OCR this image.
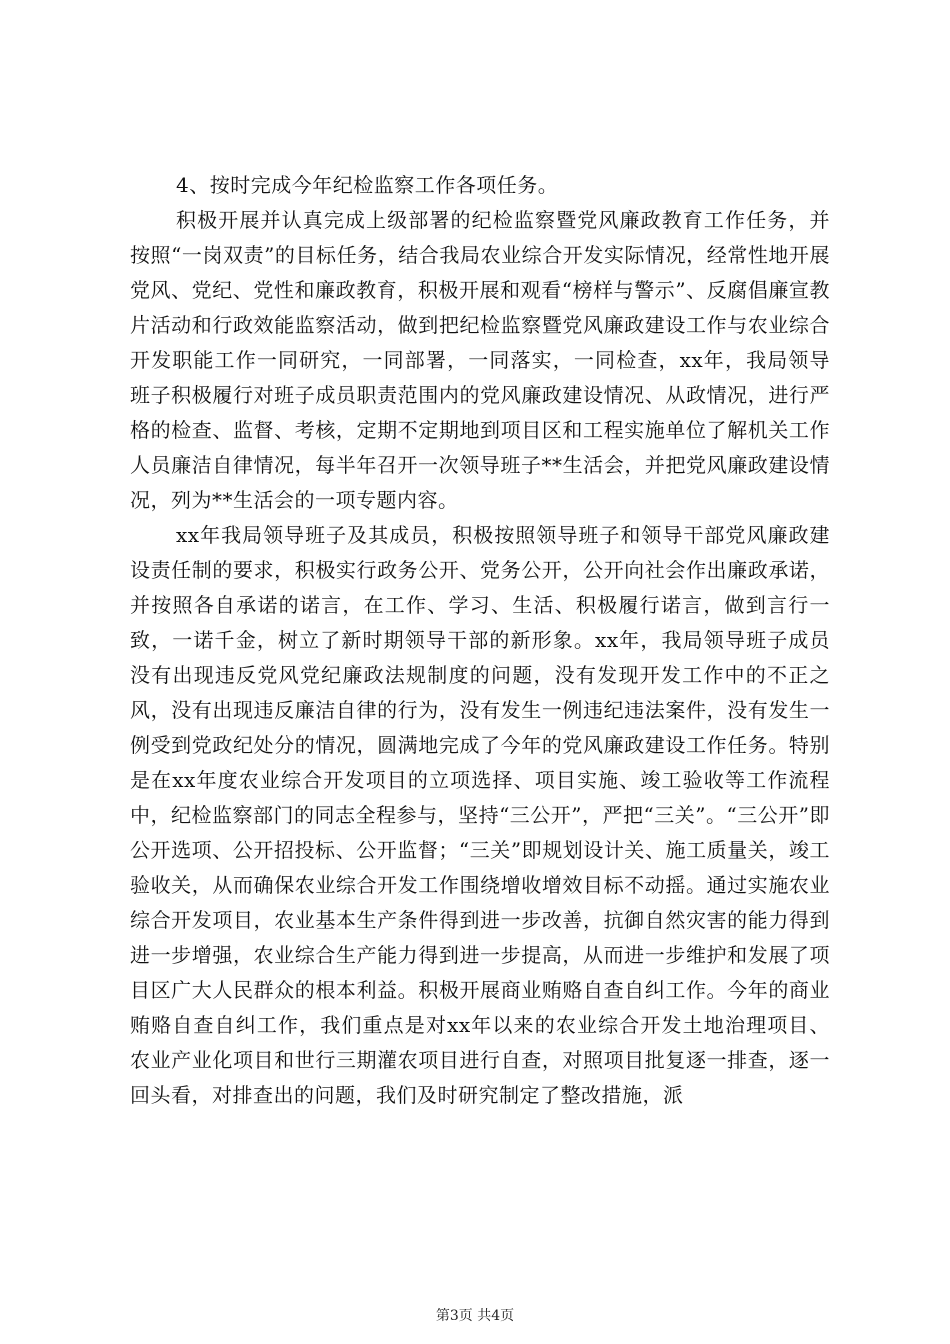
4、按时完成今年纪检监察工作各项任务。

积极开展并认真完成上级部署的纪检监察暨党风廉政教育工作任务，并按照“一岗双责”的目标任务，结合我局农业综合开发实际情况，经常性地开展党风、党纪、党性和廉政教育，积极开展和观看“榜样与警示”、反腐倡廉宣教片活动和行政效能监察活动，做到把纪检监察暨党风廉政建设工作与农业综合开发职能工作一同研究，一同部署，一同落实，一同检查，xx年，我局领导班子积极履行对班子成员职责范围内的党风廉政建设情况、从政情况，进行严格的检查、监督、考核，定期不定期地到项目区和工程实施单位了解机关工作人员廉洁自律情况，每半年召开一次领导班子**生活会，并把党风廉政建设情况，列为**生活会的一项专题内容。

xx年我局领导班子及其成员，积极按照领导班子和领导干部党风廉政建设责任制的要求，积极实行政务公开、党务公开，公开向社会作出廉政承诺，并按照各自承诺的诺言，在工作、学习、生活、积极履行诺言，做到言行一致，一诺千金，树立了新时期领导干部的新形象。xx年，我局领导班子成员没有出现违反党风党纪廉政法规制度的问题，没有发现开发工作中的不正之风，没有出现违反廉洁自律的行为，没有发生一例违纪违法案件，没有发生一例受到党政纪处分的情况，圆满地完成了今年的党风廉政建设工作任务。特别是在xx年度农业综合开发项目的立项选择、项目实施、竣工验收等工作流程中，纪检监察部门的同志全程参与，坚持“三公开”，严把“三关”。“三公开”即公开选项、公开招投标、公开监督；“三关”即规划设计关、施工质量关，竣工验收关，从而确保农业综合开发工作围绕增收增效目标不动摇。通过实施农业综合开发项目，农业基本生产条件得到进一步改善，抗御自然灾害的能力得到进一步增强，农业综合生产能力得到进一步提高，从而进一步维护和发展了项目区广大人民群众的根本利益。积极开展商业贿赂自查自纠工作。今年的商业贿赂自查自纠工作，我们重点是对xx年以来的农业综合开发土地治理项目、农业产业化项目和世行三期灌农项目进行自查，对照项目批复逐一排查，逐一回头看，对排查出的问题，我们及时研究制定了整改措施，派

第3页 共4页
